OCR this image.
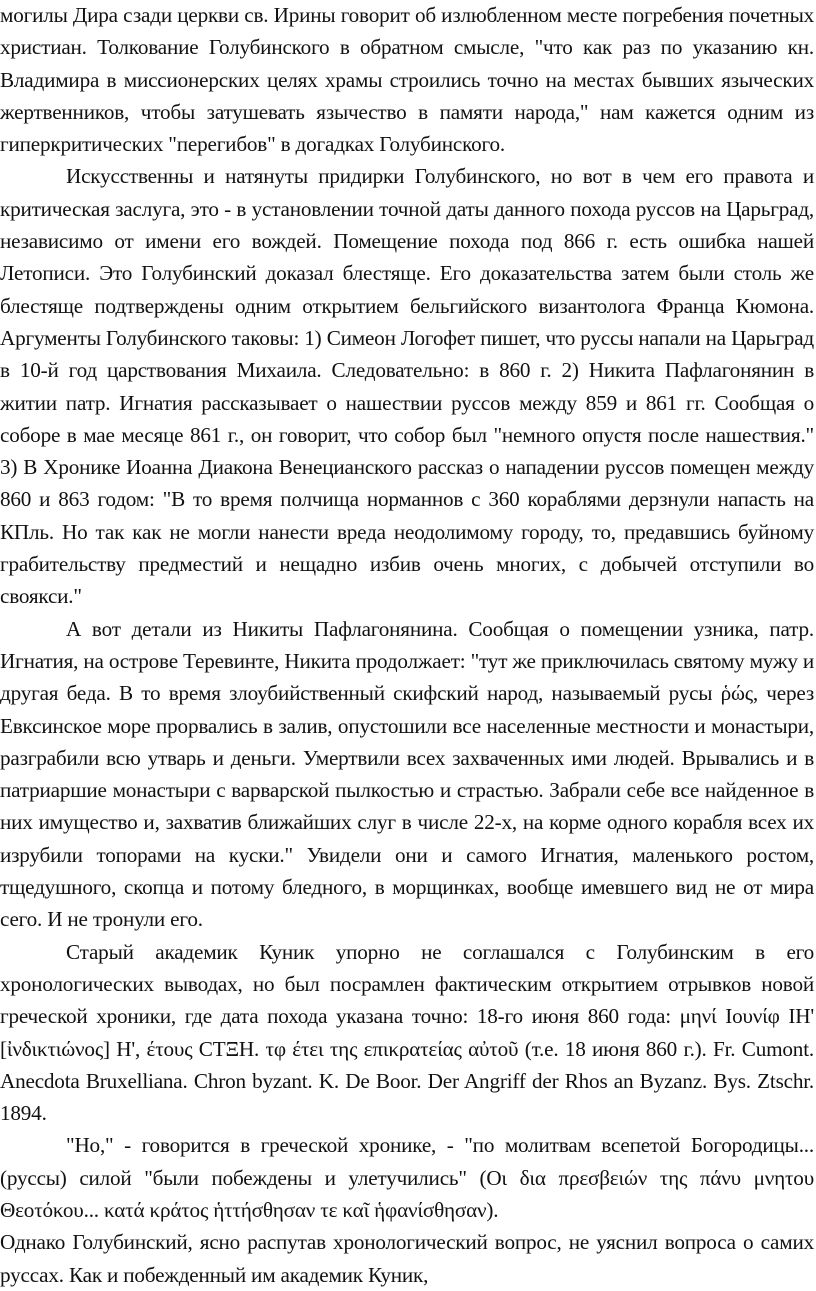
могилы Дира сзади церкви св. Ирины говорит об излюбленном месте погребения почетных христиан. Толкование Голубинского в обратном смысле, "что как раз по указанию кн. Владимира в миссионерских целях храмы строились точно на местах бывших языческих жертвенников, чтобы затушевать язычество в памяти народа," нам кажется одним из гиперкритических "перегибов" в догадках Голубинского.

Искусственны и натянуты придирки Голубинского, но вот в чем его правота и критическая заслуга, это - в установлении точной даты данного похода руссов на Царьград, независимо от имени его вождей. Помещение похода под 866 г. есть ошибка нашей Летописи. Это Голубинский доказал блестяще. Его доказательства затем были столь же блестяще подтверждены одним открытием бельгийского византолога Франца Кюмона. Аргументы Голубинского таковы: 1) Симеон Логофет пишет, что руссы напали на Царьград в 10-й год царствования Михаила. Следовательно: в 860 г. 2) Никита Пафлагонянин в житии патр. Игнатия рассказывает о нашествии руссов между 859 и 861 гг. Сообщая о соборе в мае месяце 861 г., он говорит, что собор был "немного опустя после нашествия." 3) В Хронике Иоанна Диакона Венецианского рассказ о нападении руссов помещен между 860 и 863 годом: "В то время полчища норманнов с 360 кораблями дерзнули напасть на КПль. Но так как не могли нанести вреда неодолимому городу, то, предавшись буйному грабительству предместий и нещадно избив очень многих, с добычей отступили во своякси."

А вот детали из Никиты Пафлагонянина. Сообщая о помещении узника, патр. Игнатия, на острове Теревинте, Никита продолжает: "тут же приключилась святому мужу и другая беда. В то время злоубийственный скифский народ, называемый русы ῥώς, через Евксинское море прорвались в залив, опустошили все населенные местности и монастыри, разграбили всю утварь и деньги. Умертвили всех захваченных ими людей. Врывались и в патриаршие монастыри с варварской пылкостью и страстью. Забрали себе все найденное в них имущество и, захватив ближайших слуг в числе 22-х, на корме одного корабля всех их изрубили топорами на куски." Увидели они и самого Игнатия, маленького ростом, тщедушного, скопца и потому бледного, в морщинках, вообще имевшего вид не от мира сего. И не тронули его.

Старый академик Куник упорно не соглашался с Голубинским в его хронологических выводах, но был посрамлен фактическим открытием отрывков новой греческой хроники, где дата похода указана точно: 18-го июня 860 года: μηνί Ιουνίφ ΙΗ' [ἰνδικτιώνος] Η', έτους СΤΞΗ. τφ έτει της επικρατείας αὐτοῦ (т.е. 18 июня 860 г.). Fr. Cumont. Anecdota Bruxelliana. Chron byzant. K. De Boor. Der Angriff der Rhos an Byzanz. Bys. Ztschr. 1894.

"Но," - говорится в греческой хронике, - "по молитвам всепетой Богородицы... (руссы) силой "были побеждены и улетучились" (Οι δια πρεσβειών της πάνυ μνητου Θεοτόκου... κατά κράτος ἡττήσθησαν τε καῖ ἡφανίσθησαν).

Однако Голубинский, ясно распутав хронологический вопрос, не уяснил вопроса о самих руссах. Как и побежденный им академик Куник,
